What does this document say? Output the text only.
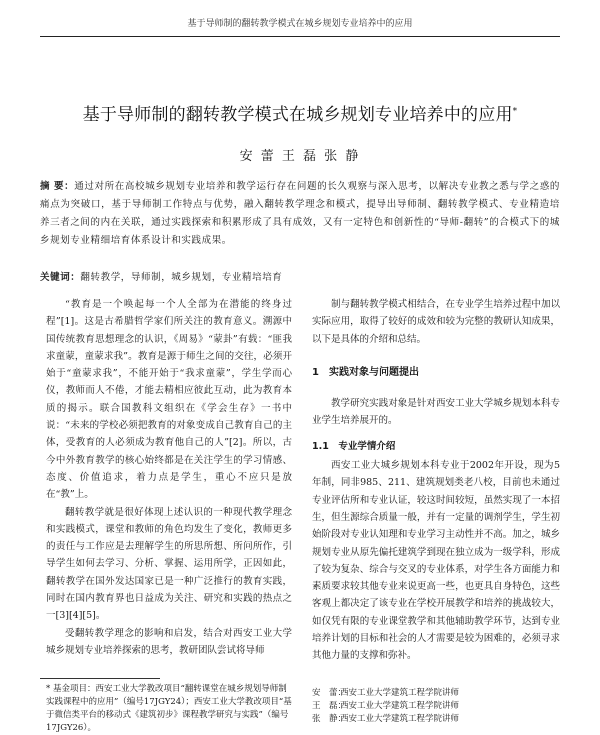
基于导师制的翻转教学模式在城乡规划专业培养中的应用
基于导师制的翻转教学模式在城乡规划专业培养中的应用*
安 蕾 王 磊 张 静
摘 要：通过对所在高校城乡规划专业培养和教学运行存在问题的长久观察与深入思考，以解决专业教之悉与学之惑的痛点为突破口，基于导师制工作特点与优势，融入翻转教学理念和模式，提导出导师制、翻转教学模式、专业精造培养三者之间的内在关联，通过实践探索和积累形成了具有成效，又有一定特色和创新性的“导师-翻转”的合模式下的城乡规划专业精细培育体系设计和实践成果。
关键词：翻转教学，导师制，城乡规划，专业精培培育

“教育是一个唤起每一个人全部为在潜能的终身过程”[1]。这是古希腊哲学家们所关注的教育意义。溯源中国传统教育思想理念的认识，《周易》“蒙卦”有载：“匪我求童蒙，童蒙求我”。教育是源于师生之间的交往，必须开始于“童蒙求我”，不能开始于“我求童蒙”，学生学而心仪，教师而人不倦，才能去精相应彼此互动，此为教育本质的揭示。联合国教科文组织在《学会生存》一书中说：“未来的学校必须把教育的对象变成自己教育自己的主体，受教育的人必须成为教育他自己的人”[2]。所以，古今中外教育教学的核心始终都是在关注学生的学习情感、态度、价值追求，着力点是学生，重心不应只是放在“教”上。

翻转教学就是很好体现上述认识的一种现代教学理念和实践模式，课堂和教师的角色均发生了变化，教师更多的责任与工作应是去理解学生的所思所想、所问所作，引导学生如何去学习、分析、掌握、运用所学，正因如此，翻转教学在国外发达国家已是一种广泛推行的教育实践，同时在国内教育界也日益成为关注、研究和实践的热点之一[3][4][5]。

受翻转教学理念的影响和启发，结合对西安工业大学城乡规划专业培养探索的思考，教研团队尝试将导师

制与翻转教学模式相结合，在专业学生培养过程中加以实际应用，取得了较好的成效和较为完整的教研认知成果，以下是具体的介绍和总结。

1　实践对象与问题提出

教学研究实践对象是针对西安工业大学城乡规划本科专业学生培养展开的。

1.1　专业学情介绍

西安工业大城乡规划本科专业于2002年开设，现为5年制，同非985、211、建筑规划类老八校，目前也未通过专业评估所和专业认证，较这时间较短，虽然实现了一本招生，但生源综合质量一般，并有一定量的调剂学生，学生初始阶段对专业认知理和专业学习主动性并不高。加之，城乡规划专业从原先偏托建筑学到现在独立成为一级学科，形成了较为复杂、综合与交叉的专业体系，对学生各方面能力和素质要求较其他专业来说更高一些，也更具自身特色，这些客观上都决定了该专业在学校开展教学和培养的挑战较大，如仅凭有限的专业课堂教学和其他辅助教学环节，达到专业培养计划的目标和社会的人才需要是较为困难的，必须寻求其他力量的支撑和弥补。

* 基金项目：西安工业大学教改项目“翻转课堂在城乡规划导师制实践课程中的应用”（编号17JGY24）；西安工业大学教改项目“基于微信类平台的移动式《建筑初步》课程教学研究与实践”（编号17JGY26）。
安　蕾：西安工业大学建筑工程学院讲师
王　磊：西安工业大学建筑工程学院讲师
张　静：西安工业大学建筑工程学院讲师
